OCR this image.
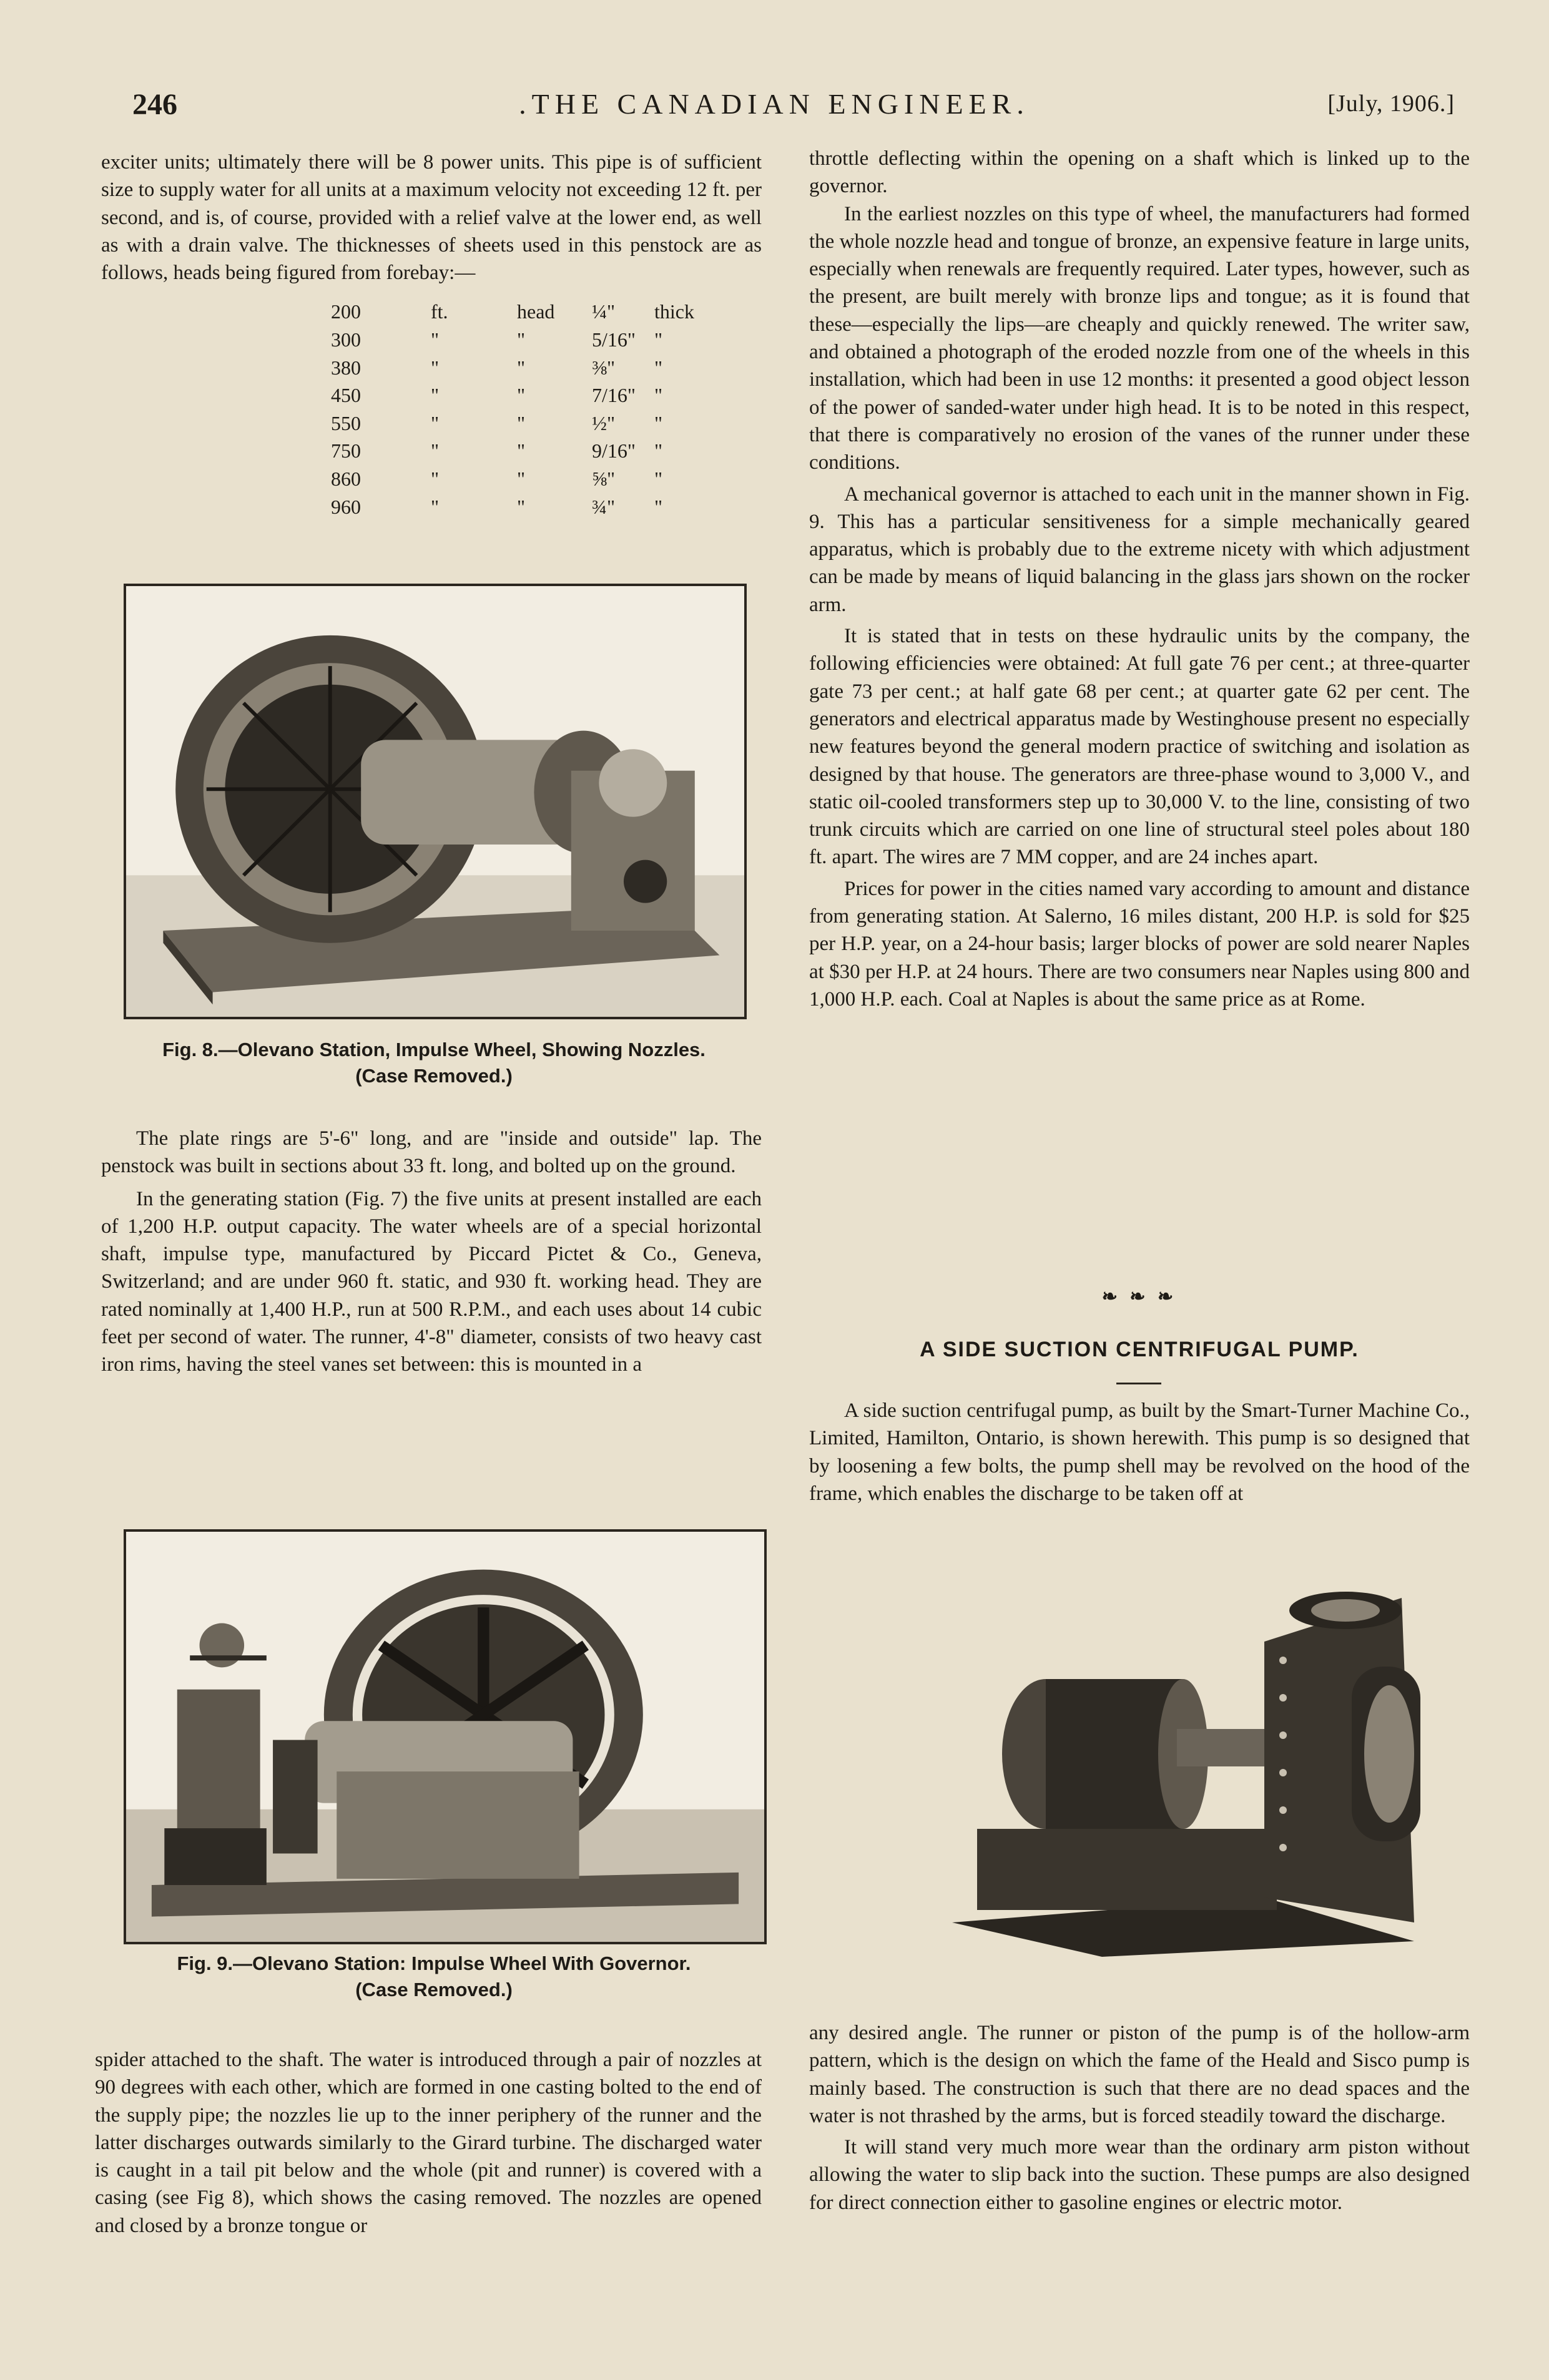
246	.THE CANADIAN ENGINEER.	[July, 1906.]

exciter units; ultimately there will be 8 power units. This pipe is of sufficient size to supply water for all units at a maximum velocity not exceeding 12 ft. per second, and is, of course, provided with a relief valve at the lower end, as well as with a drain valve. The thicknesses of sheets used in this penstock are as follows, heads being figured from forebay:—

200	ft.	head	¼"	thick
300	"	"	5/16" "
380	"	"	⅜"	"
450	"	"	7/16" "
550	"	"	½"	"
750	"	"	9/16" "
860	"	"	⅝"	"
960	"	"	¾"	"
Fig. 8.—Olevano Station, Impulse Wheel, Showing Nozzles.
(Case Removed.)

The plate rings are 5'-6" long, and are "inside and outside" lap. The penstock was built in sections about 33 ft. long, and bolted up on the ground.

In the generating station (Fig. 7) the five units at present installed are each of 1,200 H.P. output capacity. The water wheels are of a special horizontal shaft, impulse type, manufactured by Piccard Pictet & Co., Geneva, Switzerland; and are under 960 ft. static, and 930 ft. working head. They are rated nominally at 1,400 H.P., run at 500 R.P.M., and each uses about 14 cubic feet per second of water. The runner, 4'-8" diameter, consists of two heavy cast iron rims, having the steel vanes set between: this is mounted in a

Fig. 9.—Olevano Station: Impulse Wheel With Governor.
(Case Removed.)

spider attached to the shaft. The water is introduced through a pair of nozzles at 90 degrees with each other, which are formed in one casting bolted to the end of the supply pipe; the nozzles lie up to the inner periphery of the runner and the latter discharges outwards similarly to the Girard turbine. The discharged water is caught in a tail pit below and the whole (pit and runner) is covered with a casing (see Fig 8), which shows the casing removed. The nozzles are opened and closed by a bronze tongue or

throttle deflecting within the opening on a shaft which is linked up to the governor.

In the earliest nozzles on this type of wheel, the manufacturers had formed the whole nozzle head and tongue of bronze, an expensive feature in large units, especially when renewals are frequently required. Later types, however, such as the present, are built merely with bronze lips and tongue; as it is found that these—especially the lips—are cheaply and quickly renewed. The writer saw, and obtained a photograph of the eroded nozzle from one of the wheels in this installation, which had been in use 12 months: it presented a good object lesson of the power of sanded-water under high head. It is to be noted in this respect, that there is comparatively no erosion of the vanes of the runner under these conditions.

A mechanical governor is attached to each unit in the manner shown in Fig. 9. This has a particular sensitiveness for a simple mechanically geared apparatus, which is probably due to the extreme nicety with which adjustment can be made by means of liquid balancing in the glass jars shown on the rocker arm.

It is stated that in tests on these hydraulic units by the company, the following efficiencies were obtained: At full gate 76 per cent.; at three-quarter gate 73 per cent.; at half gate 68 per cent.; at quarter gate 62 per cent. The generators and electrical apparatus made by Westinghouse present no especially new features beyond the general modern practice of switching and isolation as designed by that house. The generators are three-phase wound to 3,000 V., and static oil-cooled transformers step up to 30,000 V. to the line, consisting of two trunk circuits which are carried on one line of structural steel poles about 180 ft. apart. The wires are 7 MM copper, and are 24 inches apart.

Prices for power in the cities named vary according to amount and distance from generating station. At Salerno, 16 miles distant, 200 H.P. is sold for $25 per H.P. year, on a 24-hour basis; larger blocks of power are sold nearer Naples at $30 per H.P. at 24 hours. There are two consumers near Naples using 800 and 1,000 H.P. each. Coal at Naples is about the same price as at Rome.

❧ ❧ ❧
A SIDE SUCTION CENTRIFUGAL PUMP.

A side suction centrifugal pump, as built by the Smart-Turner Machine Co., Limited, Hamilton, Ontario, is shown herewith. This pump is so designed that by loosening a few bolts, the pump shell may be revolved on the hood of the frame, which enables the discharge to be taken off at

any desired angle. The runner or piston of the pump is of the hollow-arm pattern, which is the design on which the fame of the Heald and Sisco pump is mainly based. The construction is such that there are no dead spaces and the water is not thrashed by the arms, but is forced steadily toward the discharge.

It will stand very much more wear than the ordinary arm piston without allowing the water to slip back into the suction. These pumps are also designed for direct connection either to gasoline engines or electric motor.
